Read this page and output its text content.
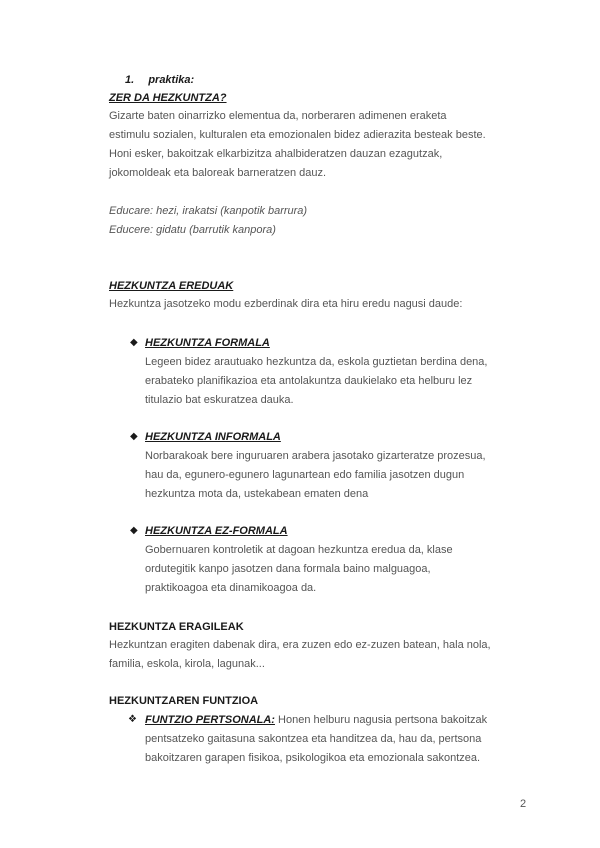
1. praktika:
ZER DA HEZKUNTZA?
Gizarte baten oinarrizko elementua da, norberaren adimenen eraketa
estimulu sozialen, kulturalen eta emozionalen bidez adierazita besteak beste.
Honi esker, bakoitzak elkarbizitza ahalbideratzen dauzan ezagutzak,
jokomoldeak eta baloreak barneratzen dauz.
Educare: hezi, irakatsi (kanpotik barrura)
Educere: gidatu (barrutik kanpora)
HEZKUNTZA EREDUAK
Hezkuntza jasotzeko modu ezberdinak dira eta hiru eredu nagusi daude:
◆ HEZKUNTZA FORMALA
Legeen bidez arautuako hezkuntza da, eskola guztietan berdina dena,
erabateko planifikazioa eta antolakuntza daukielako eta helburu lez
titulazio bat eskuratzea dauka.
◆ HEZKUNTZA INFORMALA
Norbarakoak bere inguruaren arabera jasotako gizarteratze prozesua,
hau da, egunero-egunero lagunartean edo familia jasotzen dugun
hezkuntza mota da, ustekabean ematen dena
◆ HEZKUNTZA EZ-FORMALA
Gobernuaren kontroletik at dagoan hezkuntza eredua da, klase
ordutegitik kanpo jasotzen dana formala baino malguagoa,
praktikoagoa eta dinamikoagoa da.
HEZKUNTZA ERAGILEAK
Hezkuntzan eragiten dabenak dira, era zuzen edo ez-zuzen batean, hala nola,
familia, eskola, kirola, lagunak...
HEZKUNTZAREN FUNTZIOA
❖ FUNTZIO PERTSONALA: Honen helburu nagusia pertsona bakoitzak
pentsatzeko gaitasuna sakontzea eta handitzea da, hau da, pertsona
bakoitzaren garapen fisikoa, psikologikoa eta emozionala sakontzea.
2
